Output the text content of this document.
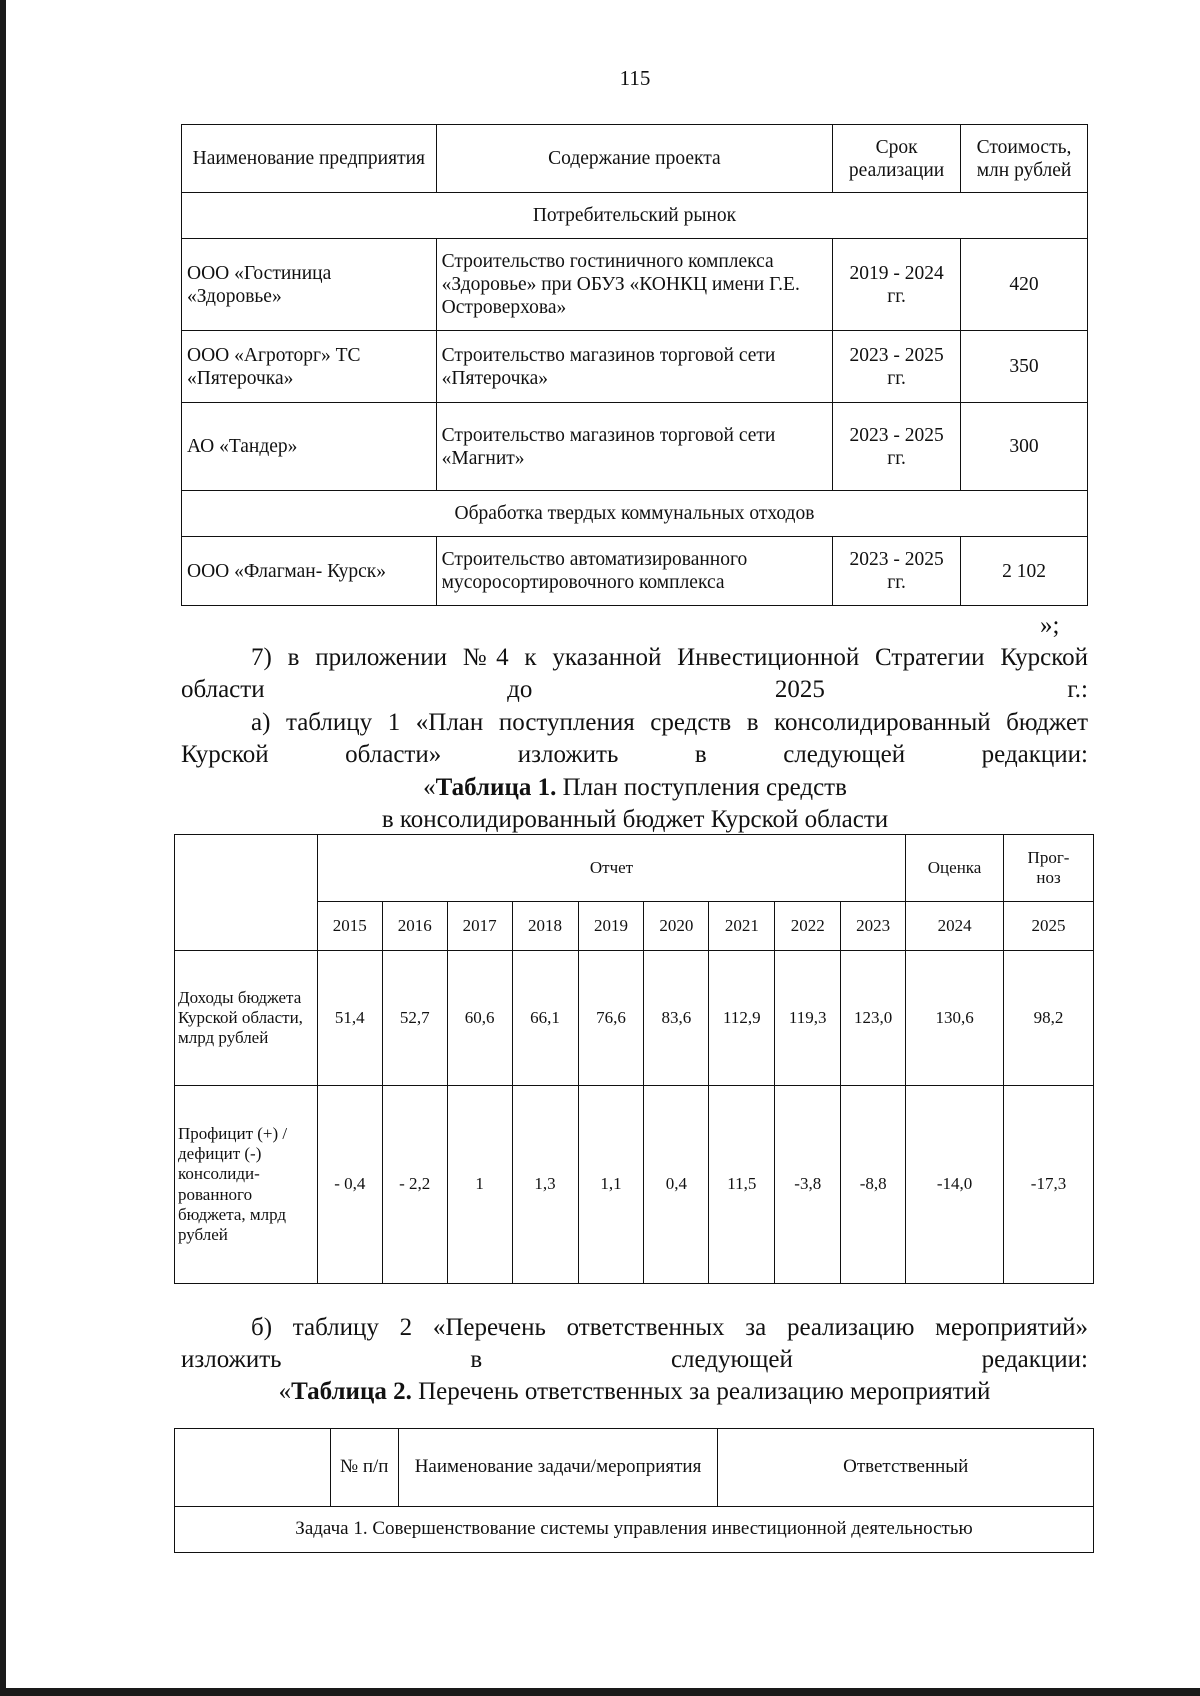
115
Наименование предприятия	Содержание проекта	Срок реализации	Стоимость, млн рублей
Потребительский рынок			
ООО «Гостиница «Здоровье»	Строительство гостиничного комплекса «Здоровье» при ОБУЗ «КОНКЦ имени Г.Е. Островерхова»	2019 - 2024 гг.	420
ООО «Агроторг» ТС «Пятерочка»	Строительство магазинов торговой сети «Пятерочка»	2023 - 2025 гг.	350
АО «Тандер»	Строительство магазинов торговой сети «Магнит»	2023 - 2025 гг.	300
Обработка твердых коммунальных отходов			
ООО «Флагман- Курск»	Строительство автоматизированного мусоросортировочного комплекса	2023 - 2025 гг.	2 102
»;
7) в приложении №4 к указанной Инвестиционной Стратегии Курской области до 2025 г.:
а) таблицу 1 «План поступления средств в консолидированный бюджет Курской области» изложить в следующей редакции:
«Таблица 1. План поступления средств
в консолидированный бюджет Курской области
	Отчет									Оценка	Прог-
ноз
	2015	2016	2017	2018	2019	2020	2021	2022	2023	2024	2025
Доходы бюджета Курской области, млрд рублей	51,4	52,7	60,6	66,1	76,6	83,6	112,9	119,3	123,0	130,6	98,2
Профицит (+) / дефицит (-) консолиди-рованного бюджета, млрд рублей	- 0,4	- 2,2	1	1,3	1,1	0,4	11,5	-3,8	-8,8	-14,0	-17,3
б) таблицу 2 «Перечень ответственных за реализацию мероприятий» изложить в следующей редакции:
«Таблица 2. Перечень ответственных за реализацию мероприятий
	№ п/п	Наименование задачи/мероприятия	Ответственный
Задача 1. Совершенствование системы управления инвестиционной деятельностью
